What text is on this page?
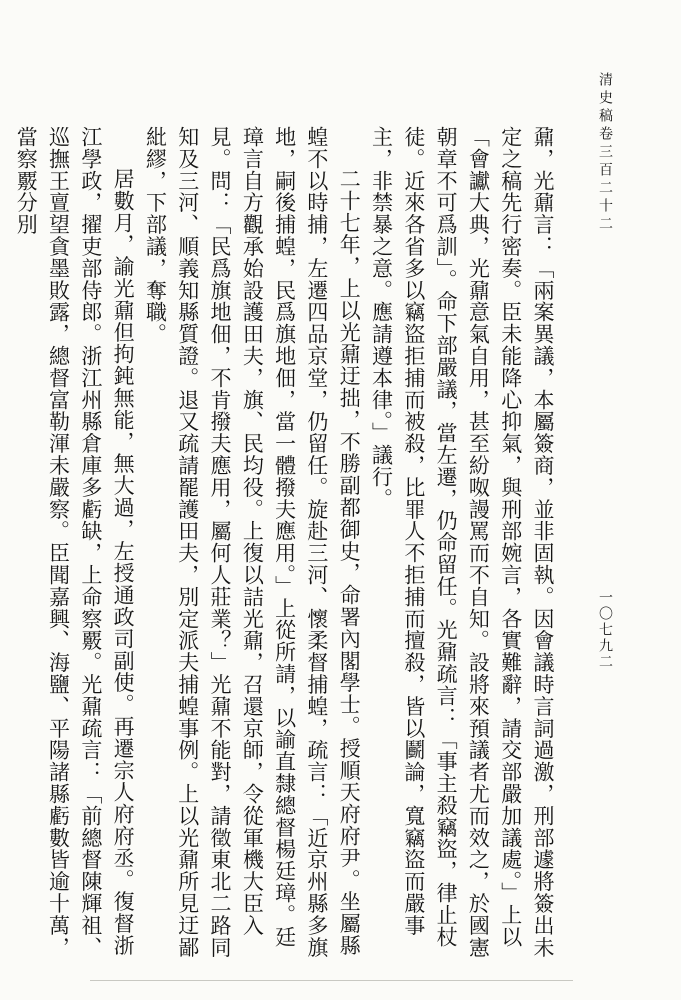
清史稿卷三百二十二
一〇七九二

鼐，光鼐言：「兩案異議，本屬簽商，並非固執。因會議時言詞過激，刑部遽將簽出未定之稿先行密奏。臣未能降心抑氣，與刑部婉言，各實難辭，請交部嚴加議處。」上以「會讞大典，光鼐意氣自用，甚至紛呶謾罵而不自知。設將來預議者尤而效之，於國憲朝章不可爲訓」。命下部嚴議，當左遷，仍命留任。光鼐疏言：「事主殺竊盜，律止杖徒。近來各省多以竊盜拒捕而被殺，比罪人不拒捕而擅殺，皆以鬬論，寬竊盜而嚴事主，非禁暴之意。應請遵本律。」議行。

二十七年，上以光鼐迂拙，不勝副都御史，命署內閣學士。授順天府府尹。坐屬縣蝗不以時捕，左遷四品京堂，仍留任。旋赴三河、懷柔督捕蝗，疏言：「近京州縣多旗地，嗣後捕蝗，民爲旗地佃，當一體撥夫應用。」上從所請，以諭直隸總督楊廷璋。廷璋言自方觀承始設護田夫，旗、民均役。上復以詰光鼐，召還京師，令從軍機大臣入見。問：「民爲旗地佃，不肯撥夫應用，屬何人莊業？」光鼐不能對，請徵東北二路同知及三河、順義知縣質證。退又疏請罷護田夫，別定派夫捕蝗事例。上以光鼐所見迂鄙紕繆，下部議，奪職。

居數月，諭光鼐但拘鈍無能，無大過，左授通政司副使。再遷宗人府府丞。復督浙江學政，擢吏部侍郎。浙江州縣倉庫多虧缺，上命察覈。光鼐疏言：「前總督陳輝祖、巡撫王亶望貪墨敗露，總督富勒渾未嚴察。臣聞嘉興、海鹽、平陽諸縣虧數皆逾十萬，當察覈分別
